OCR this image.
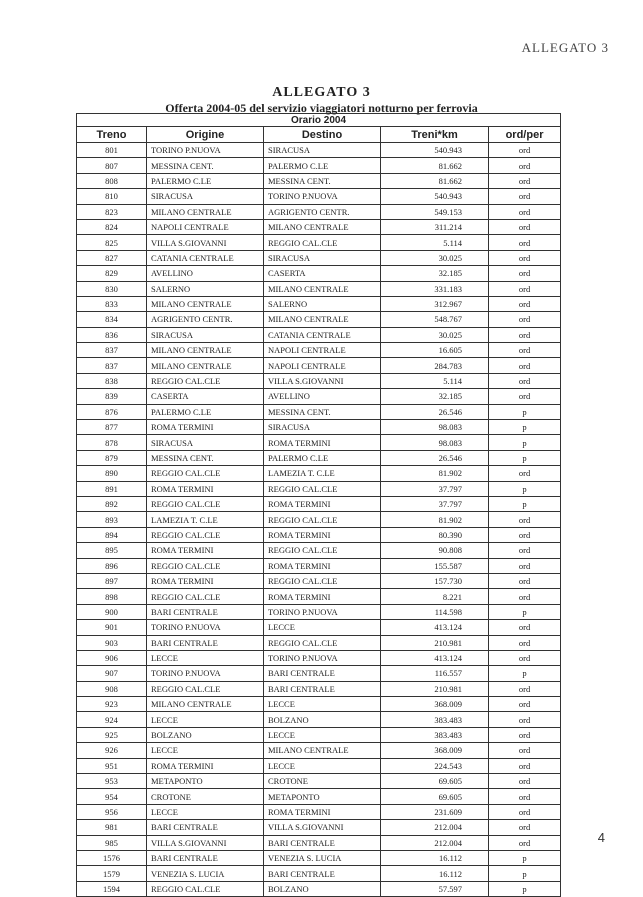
ALLEGATO 3
ALLEGATO 3
Offerta 2004-05 del servizio viaggiatori notturno per ferrovia
Orario 2004				
Treno	Origine	Destino	Treni*km	ord/per
801	TORINO P.NUOVA	SIRACUSA	540.943	ord
807	MESSINA CENT.	PALERMO C.LE	81.662	ord
808	PALERMO C.LE	MESSINA CENT.	81.662	ord
810	SIRACUSA	TORINO P.NUOVA	540.943	ord
823	MILANO CENTRALE	AGRIGENTO CENTR.	549.153	ord
824	NAPOLI CENTRALE	MILANO CENTRALE	311.214	ord
825	VILLA S.GIOVANNI	REGGIO CAL.CLE	5.114	ord
827	CATANIA CENTRALE	SIRACUSA	30.025	ord
829	AVELLINO	CASERTA	32.185	ord
830	SALERNO	MILANO CENTRALE	331.183	ord
833	MILANO CENTRALE	SALERNO	312.967	ord
834	AGRIGENTO CENTR.	MILANO CENTRALE	548.767	ord
836	SIRACUSA	CATANIA CENTRALE	30.025	ord
837	MILANO CENTRALE	NAPOLI CENTRALE	16.605	ord
837	MILANO CENTRALE	NAPOLI CENTRALE	284.783	ord
838	REGGIO CAL.CLE	VILLA S.GIOVANNI	5.114	ord
839	CASERTA	AVELLINO	32.185	ord
876	PALERMO C.LE	MESSINA CENT.	26.546	p
877	ROMA TERMINI	SIRACUSA	98.083	p
878	SIRACUSA	ROMA TERMINI	98.083	p
879	MESSINA CENT.	PALERMO C.LE	26.546	p
890	REGGIO CAL.CLE	LAMEZIA T. C.LE	81.902	ord
891	ROMA TERMINI	REGGIO CAL.CLE	37.797	p
892	REGGIO CAL.CLE	ROMA TERMINI	37.797	p
893	LAMEZIA T. C.LE	REGGIO CAL.CLE	81.902	ord
894	REGGIO CAL.CLE	ROMA TERMINI	80.390	ord
895	ROMA TERMINI	REGGIO CAL.CLE	90.808	ord
896	REGGIO CAL.CLE	ROMA TERMINI	155.587	ord
897	ROMA TERMINI	REGGIO CAL.CLE	157.730	ord
898	REGGIO CAL.CLE	ROMA TERMINI	8.221	ord
900	BARI CENTRALE	TORINO P.NUOVA	114.598	p
901	TORINO P.NUOVA	LECCE	413.124	ord
903	BARI CENTRALE	REGGIO CAL.CLE	210.981	ord
906	LECCE	TORINO P.NUOVA	413.124	ord
907	TORINO P.NUOVA	BARI CENTRALE	116.557	p
908	REGGIO CAL.CLE	BARI CENTRALE	210.981	ord
923	MILANO CENTRALE	LECCE	368.009	ord
924	LECCE	BOLZANO	383.483	ord
925	BOLZANO	LECCE	383.483	ord
926	LECCE	MILANO CENTRALE	368.009	ord
951	ROMA TERMINI	LECCE	224.543	ord
953	METAPONTO	CROTONE	69.605	ord
954	CROTONE	METAPONTO	69.605	ord
956	LECCE	ROMA TERMINI	231.609	ord
981	BARI CENTRALE	VILLA S.GIOVANNI	212.004	ord
985	VILLA S.GIOVANNI	BARI CENTRALE	212.004	ord
1576	BARI CENTRALE	VENEZIA S. LUCIA	16.112	p
1579	VENEZIA S. LUCIA	BARI CENTRALE	16.112	p
1594	REGGIO CAL.CLE	BOLZANO	57.597	p
4
